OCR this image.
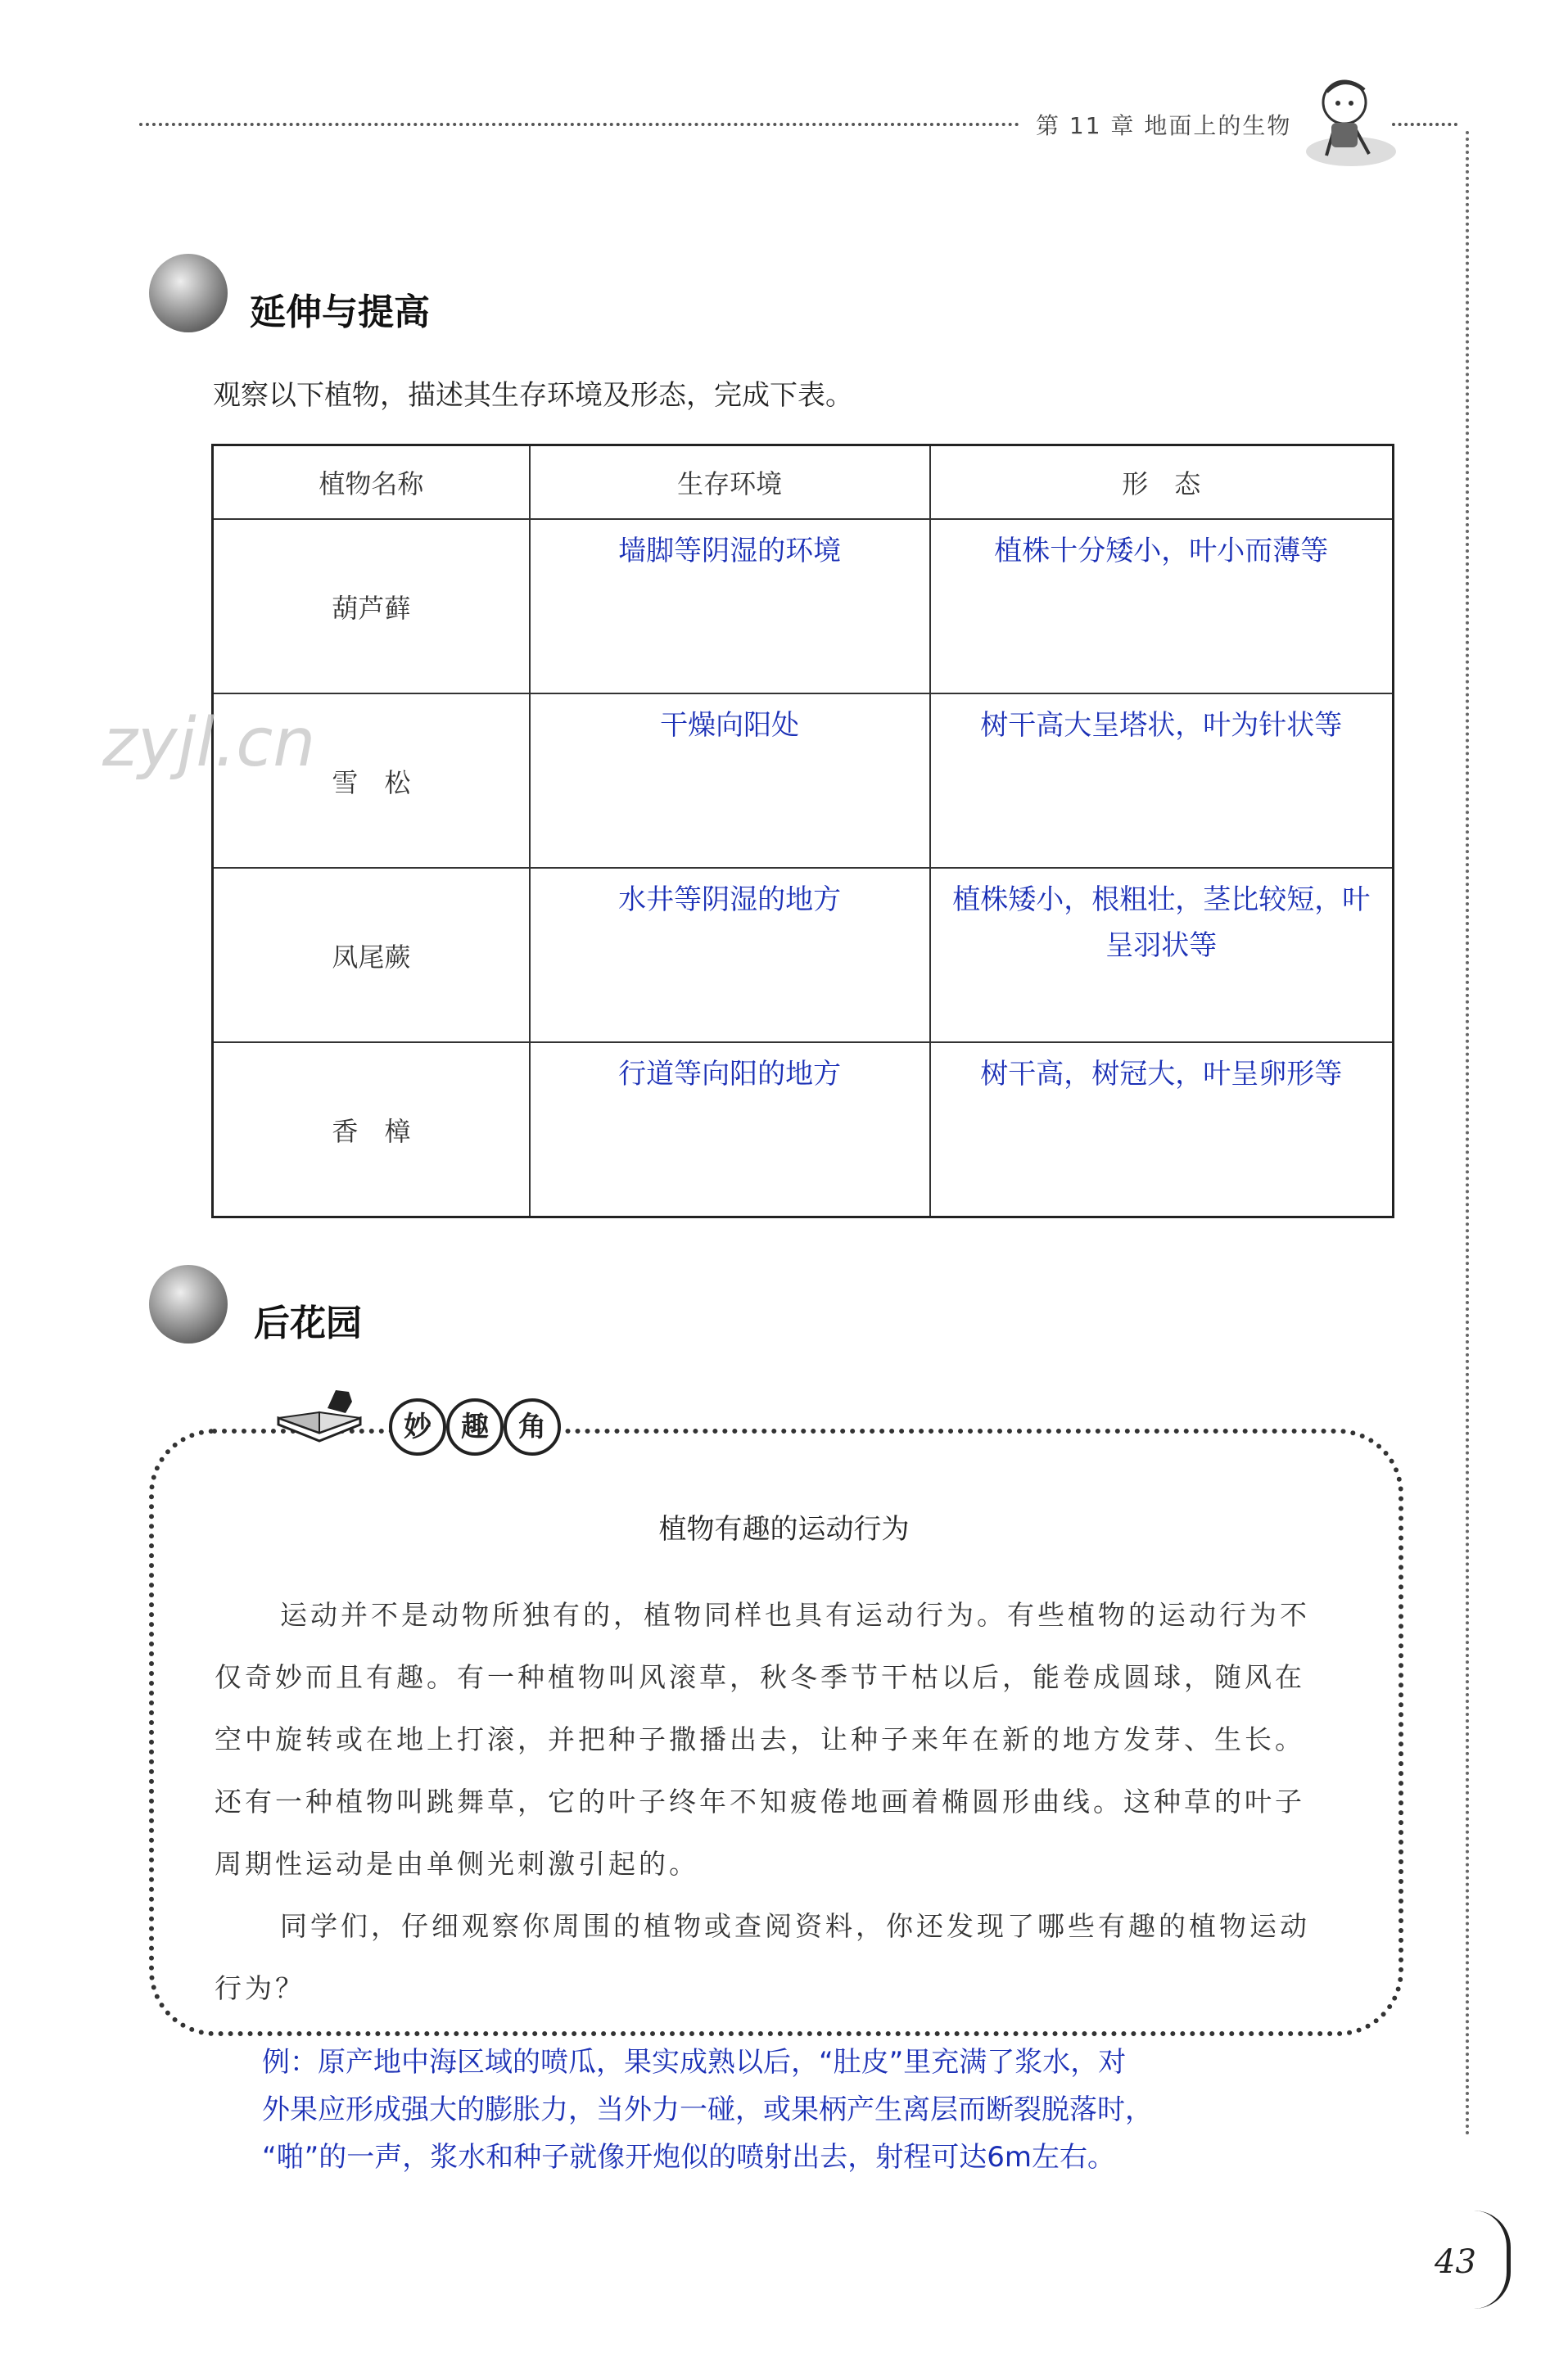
第 11 章 地面上的生物
延伸与提高
观察以下植物，描述其生存环境及形态，完成下表。
植物名称	生存环境	形　态
葫芦藓	墙脚等阴湿的环境	植株十分矮小，叶小而薄等
雪　松	干燥向阳处	树干高大呈塔状，叶为针状等
凤尾蕨	水井等阴湿的地方	植株矮小，根粗壮，茎比较短，叶呈羽状等
香　樟	行道等向阳的地方	树干高，树冠大，叶呈卵形等
zyjl.cn
后花园
妙	趣	角
植物有趣的运动行为

运动并不是动物所独有的，植物同样也具有运动行为。有些植物的运动行为不仅奇妙而且有趣。有一种植物叫风滚草，秋冬季节干枯以后，能卷成圆球，随风在空中旋转或在地上打滚，并把种子撒播出去，让种子来年在新的地方发芽、生长。还有一种植物叫跳舞草，它的叶子终年不知疲倦地画着椭圆形曲线。这种草的叶子周期性运动是由单侧光刺激引起的。

同学们，仔细观察你周围的植物或查阅资料，你还发现了哪些有趣的植物运动行为？

例：原产地中海区域的喷瓜，果实成熟以后，“肚皮”里充满了浆水，对
外果应形成强大的膨胀力，当外力一碰，或果柄产生离层而断裂脱落时，
“啪”的一声，浆水和种子就像开炮似的喷射出去，射程可达6m左右。
43
